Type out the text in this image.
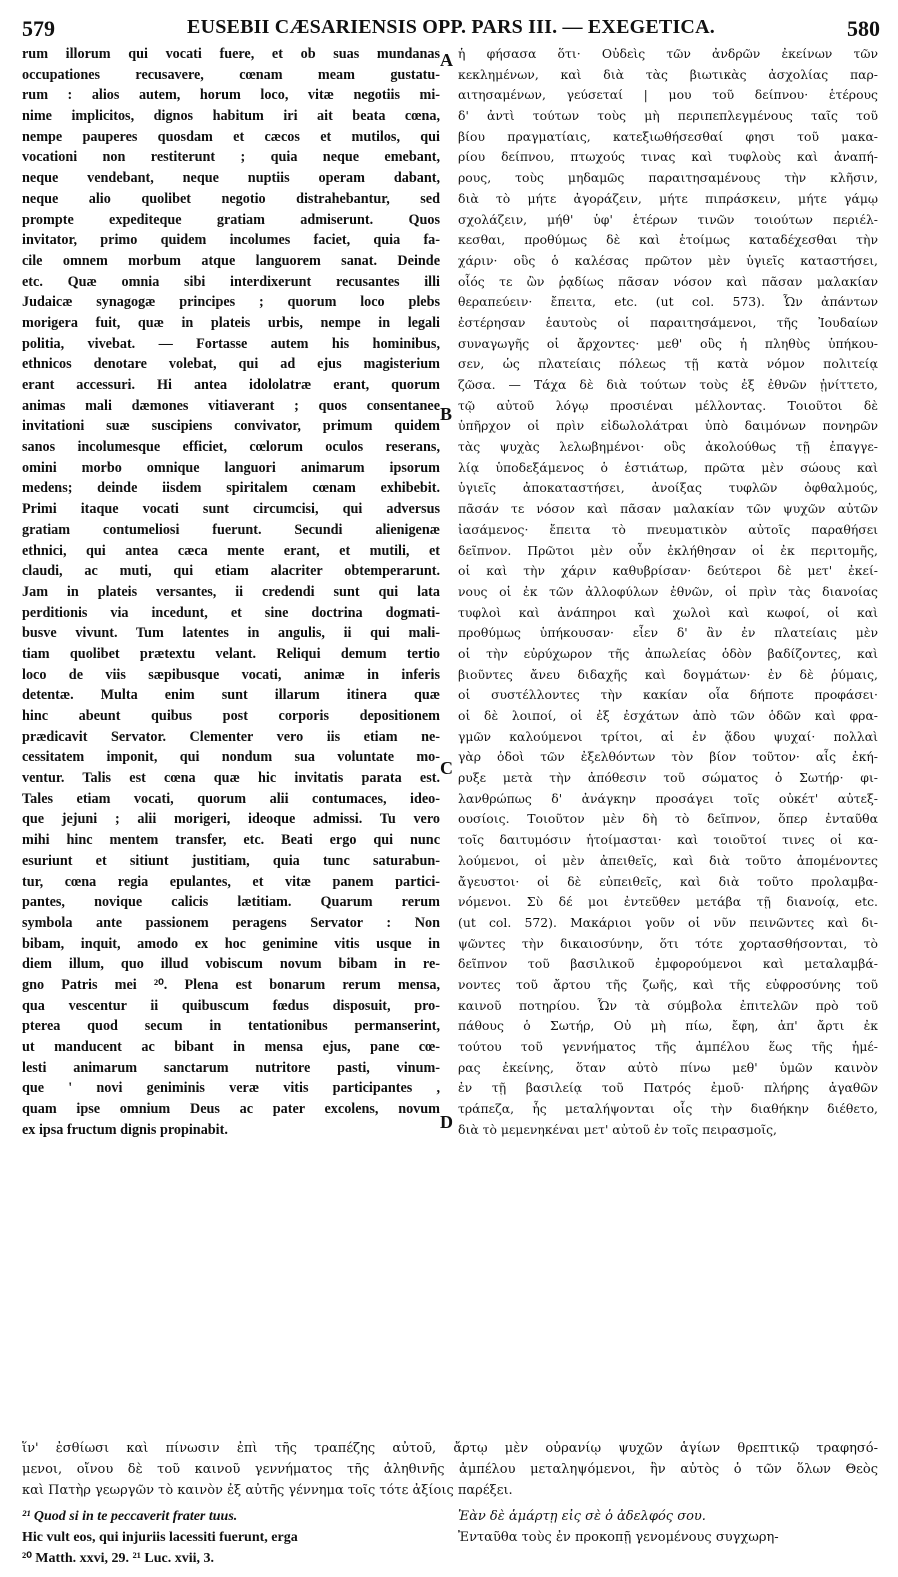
579	EUSEBII CÆSARIENSIS OPP. PARS III. — EXEGETICA.	580
rum illorum qui vocati fuere, et ob suas mundanas
occupationes recusavere, cœnam meam gustatu-
rum : alios autem, horum loco, vitæ negotiis mi-
nime implicitos, dignos habitum iri ait beata cœna,
nempe pauperes quosdam et cæcos et mutilos, qui
vocationi non restiterunt ; quia neque emebant,
neque vendebant, neque nuptiis operam dabant,
neque alio quolibet negotio distrahebantur, sed
prompte expediteque gratiam admiserunt. Quos
invitator, primo quidem incolumes faciet, quia fa-
cile omnem morbum atque languorem sanat. Deinde
etc. Quæ omnia sibi interdixerunt recusantes illi
Judaicæ synagogæ principes ; quorum loco plebs
morigera fuit, quæ in plateis urbis, nempe in legali
politia, vivebat. — Fortasse autem his hominibus,
ethnicos denotare volebat, qui ad ejus magisterium
erant accessuri. Hi antea idololatræ erant, quorum
animas mali dæmones vitiaverant ; quos consentanee
invitationi suæ suscipiens convivator, primum quidem
sanos incolumesque efficiet, cœlorum oculos reserans,
omini morbo omnique languori animarum ipsorum
medens; deinde iisdem spiritalem cœnam exhibebit.
Primi itaque vocati sunt circumcisi, qui adversus
gratiam contumeliosi fuerunt. Secundi alienigenæ
ethnici, qui antea cæca mente erant, et mutili, et
claudi, ac muti, qui etiam alacriter obtemperarunt.
Jam in plateis versantes, ii credendi sunt qui lata
perditionis via incedunt, et sine doctrina dogmati-
busve vivunt. Tum latentes in angulis, ii qui mali-
tiam quolibet prætextu velant. Reliqui demum tertio
loco de viis sæpibusque vocati, animæ in inferis
detentæ. Multa enim sunt illarum itinera quæ
hinc abeunt quibus post corporis depositionem
prædicavit Servator. Clementer vero iis etiam ne-
cessitatem imponit, qui nondum sua voluntate mo-
ventur. Talis est cœna quæ hic invitatis parata est.
Tales etiam vocati, quorum alii contumaces, ideo-
que jejuni ; alii morigeri, ideoque admissi. Tu vero
mihi hinc mentem transfer, etc. Beati ergo qui nunc
esuriunt et sitiunt justitiam, quia tunc saturabun-
tur, cœna regia epulantes, et vitæ panem partici-
pantes, novique calicis lætitiam. Quarum rerum
symbola ante passionem peragens Servator : Non
bibam, inquit, amodo ex hoc genimine vitis usque in
diem illum, quo illud vobiscum novum bibam in re-
gno Patris mei ²⁰. Plena est bonarum rerum mensa,
qua vescentur ii quibuscum fœdus disposuit, pro-
pterea quod secum in tentationibus permanserint,
ut manducent ac bibant in mensa ejus, pane cœ-
lesti animarum sanctarum nutritore pasti, vinum-
que ' novi geniminis veræ vitis participantes ,
quam ipse omnium Deus ac pater excolens, novum
ex ipsa fructum dignis propinabit.
ἡ φήσασα ὅτι· Οὐδεὶς τῶν ἀνδρῶν ἐκείνων τῶν
κεκλημένων, καὶ διὰ τὰς βιωτικὰς ἀσχολίας παρ-
αιτησαμένων, γεύσεταί | μου τοῦ δείπνου· ἑτέρους
δ' ἀντὶ τούτων τοὺς μὴ περιπεπλεγμένους ταῖς τοῦ
βίου πραγματίαις, κατεξιωθήσεσθαί φησι τοῦ μακα-
ρίου δείπνου, πτωχούς τινας καὶ τυφλοὺς καὶ ἀναπή-
ρους, τοὺς μηδαμῶς παραιτησαμένους τὴν κλῆσιν,
διὰ τὸ μήτε ἀγοράζειν, μήτε πιπράσκειν, μήτε γάμῳ
σχολάζειν, μήθ' ὑφ' ἑτέρων τινῶν τοιούτων περιέλ-
κεσθαι, προθύμως δὲ καὶ ἑτοίμως καταδέχεσθαι τὴν
χάριν· οὓς ὁ καλέσας πρῶτον μὲν ὑγιεῖς καταστήσει,
οἷός τε ὢν ῥᾳδίως πᾶσαν νόσον καὶ πᾶσαν μαλακίαν
θεραπεύειν· ἔπειτα, etc. (ut col. 573). Ὧν ἀπάντων
ἐστέρησαν ἑαυτοὺς οἱ παραιτησάμενοι, τῆς Ἰουδαίων
συναγωγῆς οἱ ἄρχοντες· μεθ' οὓς ἡ πληθὺς ὑπήκου-
σεν, ὡς πλατείαις πόλεως τῇ κατὰ νόμον πολιτείᾳ
ζῶσα. — Τάχα δὲ διὰ τούτων τοὺς ἐξ ἐθνῶν ᾐνίττετο,
τῷ αὐτοῦ λόγῳ προσιέναι μέλλοντας. Τοιοῦτοι δὲ
ὑπῆρχον οἱ πρὶν εἰδωλολάτραι ὑπὸ δαιμόνων πονηρῶν
τὰς ψυχὰς λελωβημένοι· οὓς ἀκολούθως τῇ ἐπαγγε-
λίᾳ ὑποδεξάμενος ὁ ἑστιάτωρ, πρῶτα μὲν σώους καὶ
ὑγιεῖς ἀποκαταστήσει, ἀνοίξας τυφλῶν ὀφθαλμούς,
πᾶσάν τε νόσον καὶ πᾶσαν μαλακίαν τῶν ψυχῶν αὐτῶν
ἰασάμενος· ἔπειτα τὸ πνευματικὸν αὐτοῖς παραθήσει
δεῖπνον. Πρῶτοι μὲν οὖν ἐκλήθησαν οἱ ἐκ περιτομῆς,
οἱ καὶ τὴν χάριν καθυβρίσαν· δεύτεροι δὲ μετ' ἐκεί-
νους οἱ ἐκ τῶν ἀλλοφύλων ἐθνῶν, οἱ πρὶν τὰς διανοίας
τυφλοὶ καὶ ἀνάπηροι καὶ χωλοὶ καὶ κωφοί, οἱ καὶ
προθύμως ὑπήκουσαν· εἶεν δ' ἂν ἐν πλατείαις μὲν
οἱ τὴν εὐρύχωρον τῆς ἀπωλείας ὁδὸν βαδίζοντες, καὶ
βιοῦντες ἄνευ διδαχῆς καὶ δογμάτων· ἐν δὲ ῥύμαις,
οἱ συστέλλοντες τὴν κακίαν οἷα δήποτε προφάσει·
οἱ δὲ λοιποί, οἱ ἐξ ἐσχάτων ἀπὸ τῶν ὁδῶν καὶ φρα-
γμῶν καλούμενοι τρίτοι, αἱ ἐν ᾅδου ψυχαί· πολλαὶ
γὰρ ὁδοὶ τῶν ἐξελθόντων τὸν βίον τοῦτον· αἷς ἐκή-
ρυξε μετὰ τὴν ἀπόθεσιν τοῦ σώματος ὁ Σωτήρ· φι-
λανθρώπως δ' ἀνάγκην προσάγει τοῖς οὐκέτ' αὐτεξ-
ουσίοις. Τοιοῦτον μὲν δὴ τὸ δεῖπνον, ὅπερ ἐνταῦθα
τοῖς δαιτυμόσιν ἡτοίμασται· καὶ τοιοῦτοί τινες οἱ κα-
λούμενοι, οἱ μὲν ἀπειθεῖς, καὶ διὰ τοῦτο ἀπομένοντες
ἄγευστοι· οἱ δὲ εὐπειθεῖς, καὶ διὰ τοῦτο προλαμβα-
νόμενοι. Σὺ δέ μοι ἐντεῦθεν μετάβα τῇ διανοίᾳ, etc.
(ut col. 572). Μακάριοι γοῦν οἱ νῦν πεινῶντες καὶ δι-
ψῶντες τὴν δικαιοσύνην, ὅτι τότε χορτασθήσονται, τὸ
δεῖπνον τοῦ βασιλικοῦ ἐμφορούμενοι καὶ μεταλαμβά-
νοντες τοῦ ἄρτου τῆς ζωῆς, καὶ τῆς εὐφροσύνης τοῦ
καινοῦ ποτηρίου. Ὧν τὰ σύμβολα ἐπιτελῶν πρὸ τοῦ
πάθους ὁ Σωτήρ, Οὐ μὴ πίω, ἔφη, ἀπ' ἄρτι ἐκ
τούτου τοῦ γεννήματος τῆς ἀμπέλου ἕως τῆς ἡμέ-
ρας ἐκείνης, ὅταν αὐτὸ πίνω μεθ' ὑμῶν καινὸν
ἐν τῇ βασιλείᾳ τοῦ Πατρός ἐμοῦ· πλήρης ἀγαθῶν
τράπεζα, ἧς μεταλήψονται οἷς τὴν διαθήκην διέθετο,
διὰ τὸ μεμενηκέναι μετ' αὐτοῦ ἐν τοῖς πειρασμοῖς,
A
B
C
D
ἵν' ἐσθίωσι καὶ πίνωσιν ἐπὶ τῆς τραπέζης αὐτοῦ, ἄρτῳ μὲν οὐρανίῳ ψυχῶν ἁγίων θρεπτικῷ τραφησό-
μενοι, οἴνου δὲ τοῦ καινοῦ γεννήματος τῆς ἀληθινῆς ἀμπέλου μεταληψόμενοι, ἣν αὐτὸς ὁ τῶν ὅλων Θεὸς
καὶ Πατὴρ γεωργῶν τὸ καινὸν ἐξ αὐτῆς γέννημα τοῖς τότε ἀξίοις παρέξει.
²¹ Quod si in te peccaverit frater tuus.
Hic vult eos, qui injuriis lacessiti fuerunt, erga
²⁰ Matth. xxvi, 29. ²¹ Luc. xvii, 3.
Ἐὰν δὲ ἁμάρτῃ εἰς σὲ ὁ ἀδελφός σου.
Ἐνταῦθα τοὺς ἐν προκοπῇ γενομένους συγχωρη-
